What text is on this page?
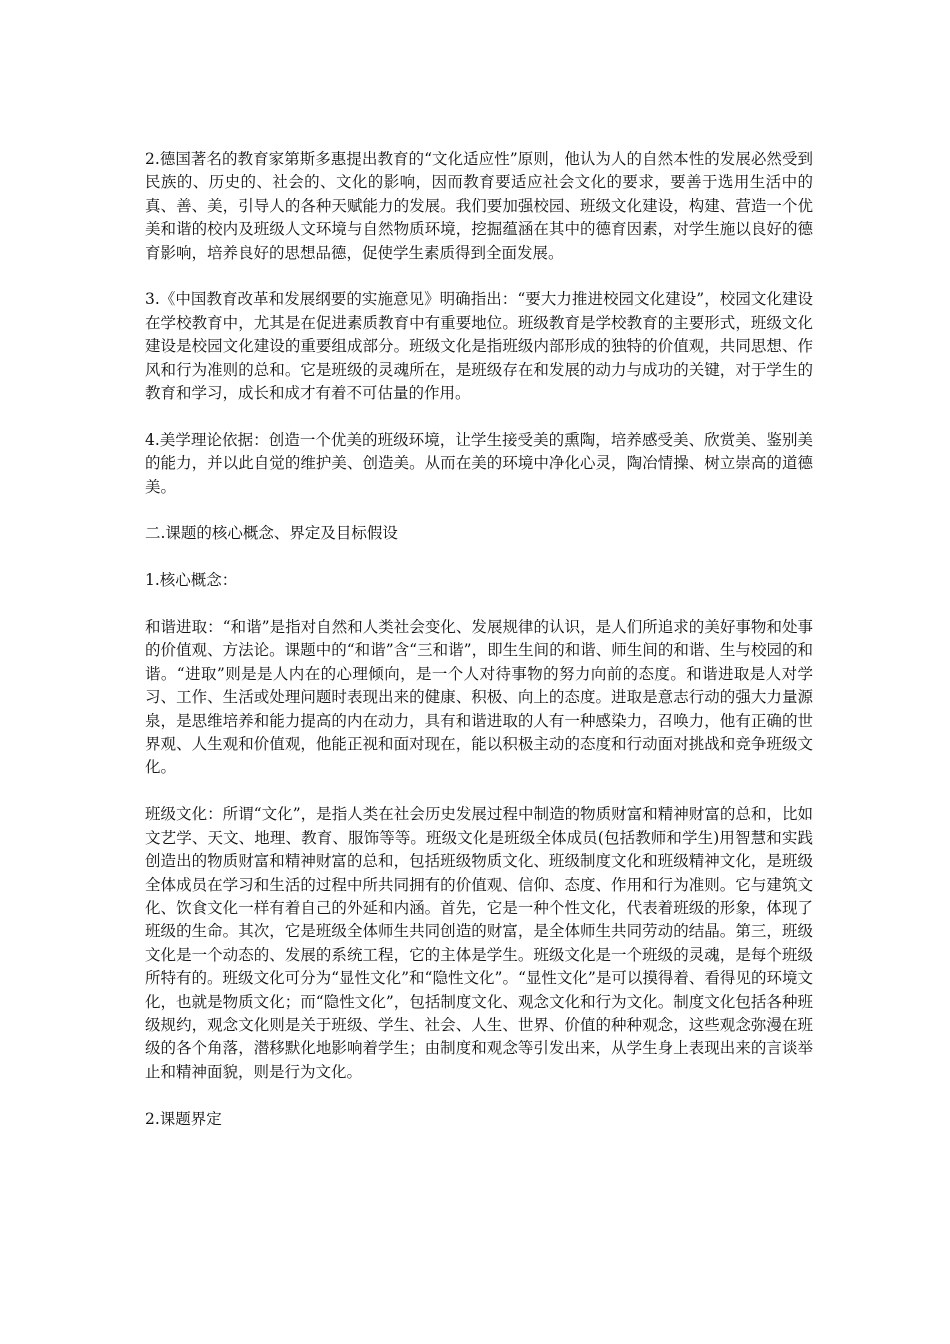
2.德国著名的教育家第斯多惠提出教育的“文化适应性”原则，他认为人的自然本性的发展必然受到民族的、历史的、社会的、文化的影响，因而教育要适应社会文化的要求，要善于选用生活中的真、善、美，引导人的各种天赋能力的发展。我们要加强校园、班级文化建设，构建、营造一个优美和谐的校内及班级人文环境与自然物质环境，挖掘蕴涵在其中的德育因素，对学生施以良好的德育影响，培养良好的思想品德，促使学生素质得到全面发展。

3.《中国教育改革和发展纲要的实施意见》明确指出：“要大力推进校园文化建设”，校园文化建设在学校教育中，尤其是在促进素质教育中有重要地位。班级教育是学校教育的主要形式，班级文化建设是校园文化建设的重要组成部分。班级文化是指班级内部形成的独特的价值观，共同思想、作风和行为准则的总和。它是班级的灵魂所在，是班级存在和发展的动力与成功的关键，对于学生的教育和学习，成长和成才有着不可估量的作用。

4.美学理论依据：创造一个优美的班级环境，让学生接受美的熏陶，培养感受美、欣赏美、鉴别美的能力，并以此自觉的维护美、创造美。从而在美的环境中净化心灵，陶冶情操、树立崇高的道德美。

二.课题的核心概念、界定及目标假设

1.核心概念：

和谐进取：“和谐”是指对自然和人类社会变化、发展规律的认识，是人们所追求的美好事物和处事的价值观、方法论。课题中的“和谐”含“三和谐”，即生生间的和谐、师生间的和谐、生与校园的和谐。“进取”则是是人内在的心理倾向，是一个人对待事物的努力向前的态度。和谐进取是人对学习、工作、生活或处理问题时表现出来的健康、积极、向上的态度。进取是意志行动的强大力量源泉，是思维培养和能力提高的内在动力，具有和谐进取的人有一种感染力，召唤力，他有正确的世界观、人生观和价值观，他能正视和面对现在，能以积极主动的态度和行动面对挑战和竞争班级文化。

班级文化：所谓“文化”，是指人类在社会历史发展过程中制造的物质财富和精神财富的总和，比如文艺学、天文、地理、教育、服饰等等。班级文化是班级全体成员(包括教师和学生)用智慧和实践创造出的物质财富和精神财富的总和，包括班级物质文化、班级制度文化和班级精神文化，是班级全体成员在学习和生活的过程中所共同拥有的价值观、信仰、态度、作用和行为准则。它与建筑文化、饮食文化一样有着自己的外延和内涵。首先，它是一种个性文化，代表着班级的形象，体现了班级的生命。其次，它是班级全体师生共同创造的财富，是全体师生共同劳动的结晶。第三，班级文化是一个动态的、发展的系统工程，它的主体是学生。班级文化是一个班级的灵魂，是每个班级所特有的。班级文化可分为“显性文化”和“隐性文化”。“显性文化”是可以摸得着、看得见的环境文化，也就是物质文化；而“隐性文化”，包括制度文化、观念文化和行为文化。制度文化包括各种班级规约，观念文化则是关于班级、学生、社会、人生、世界、价值的种种观念，这些观念弥漫在班级的各个角落，潜移默化地影响着学生；由制度和观念等引发出来，从学生身上表现出来的言谈举止和精神面貌，则是行为文化。

2.课题界定
